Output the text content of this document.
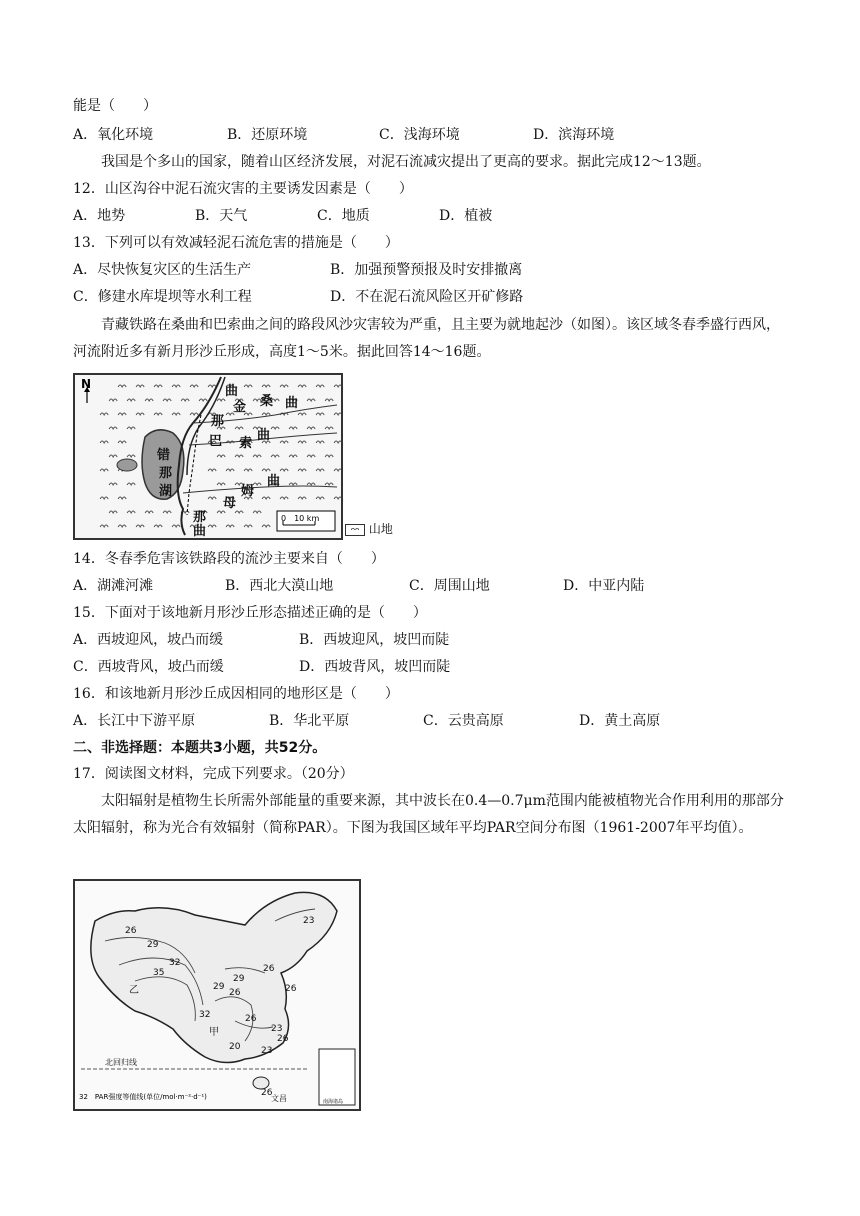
能是（　　）
A．氧化环境	B．还原环境	C．浅海环境	D．滨海环境
我国是个多山的国家，随着山区经济发展，对泥石流减灾提出了更高的要求。据此完成12～13题。
12．山区沟谷中泥石流灾害的主要诱发因素是（　　）
A．地势	B．天气	C．地质	D．植被
13．下列可以有效减轻泥石流危害的措施是（　　）
A．尽快恢复灾区的生活生产	B．加强预警预报及时安排撤离
C．修建水库堤坝等水利工程	D．不在泥石流风险区开矿修路
青藏铁路在桑曲和巴索曲之间的路段风沙灾害较为严重，且主要为就地起沙（如图）。该区域冬春季盛行西风，河流附近多有新月形沙丘形成，高度1～5米。据此回答14～16题。
N	曲
桑 曲
金
那
巴 索
曲
错
那
湖
母
姆
曲
那
曲
0　10 km
ᴖᴖ 山地
14．冬春季危害该铁路段的流沙主要来自（　　）
A．湖滩河滩	B．西北大漠山地	C．周围山地	D．中亚内陆
15．下面对于该地新月形沙丘形态描述正确的是（　　）
A．西坡迎风，坡凸而缓	B．西坡迎风，坡凹而陡
C．西坡背风，坡凸而缓	D．西坡背风，坡凹而陡
16．和该地新月形沙丘成因相同的地形区是（　　）
A．长江中下游平原	B．华北平原	C．云贵高原	D．黄土高原
二、非选择题：本题共3小题，共52分。
17．阅读图文材料，完成下列要求。（20分）
太阳辐射是植物生长所需外部能量的重要来源，其中波长在0.4—0.7μm范围内能被植物光合作用利用的那部分太阳辐射，称为光合有效辐射（简称PAR）。下图为我国区域年平均PAR空间分布图（1961-2007年平均值）。
23
26
29
32
35
29
26
29
26
32	26
20 23
26
26
23
26
乙
甲
北回归线
文昌
32　PAR强度等值线(单位/mol·m⁻²·d⁻¹)
南海诸岛
